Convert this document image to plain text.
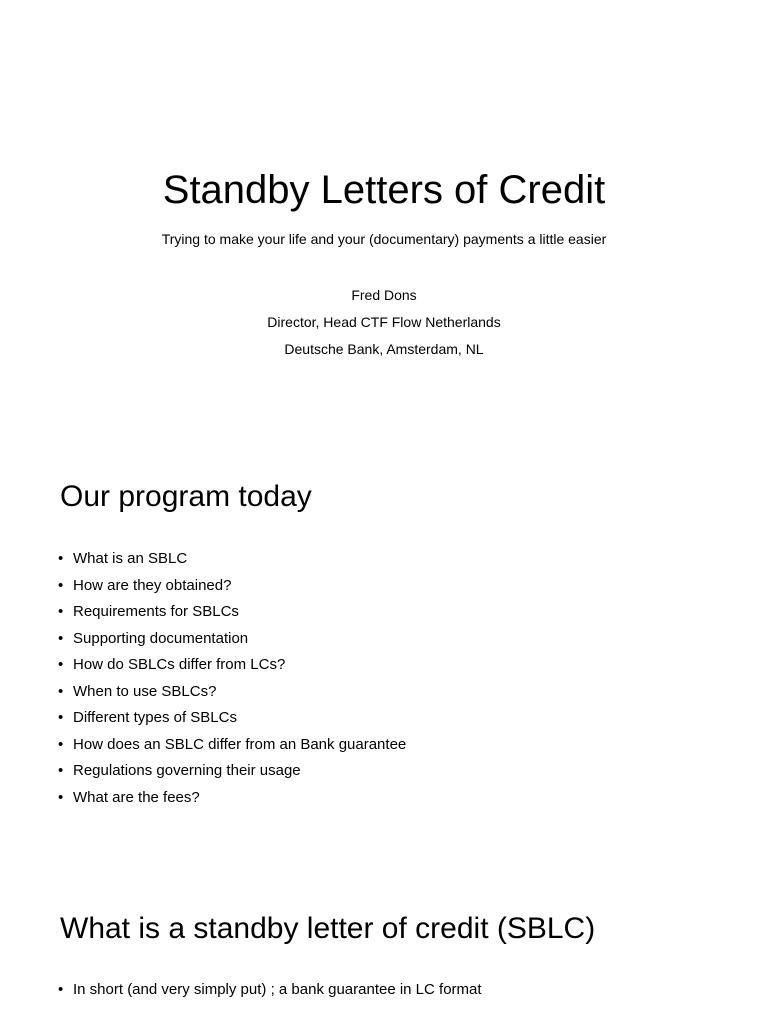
Standby Letters of Credit

Trying to make your life and your (documentary) payments a little easier

Fred Dons
Director, Head CTF Flow Netherlands
Deutsche Bank, Amsterdam, NL
Our program today
• What is an SBLC
• How are they obtained?
• Requirements for SBLCs
• Supporting documentation
• How do SBLCs differ from LCs?
• When to use SBLCs?
• Different types of SBLCs
• How does an SBLC differ from an Bank guarantee
• Regulations governing their usage
• What are the fees?
What is a standby letter of credit (SBLC)
• In short (and very simply put) ; a bank guarantee in LC format
